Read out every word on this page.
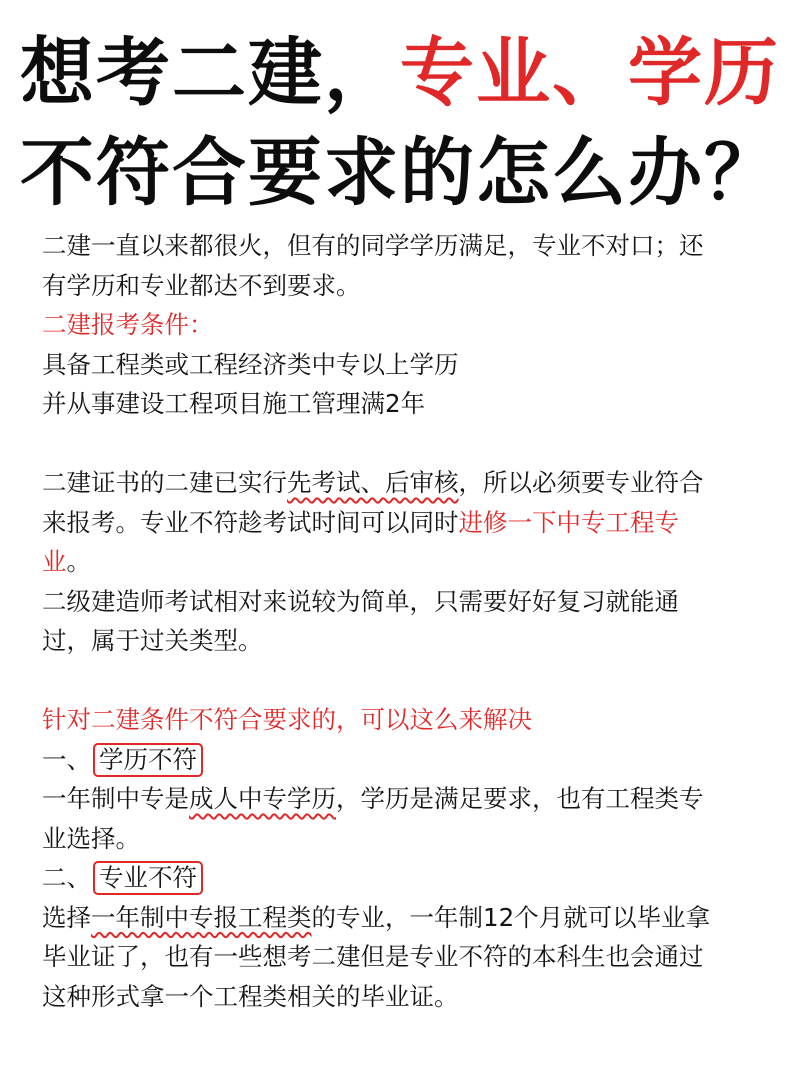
想考二建，专业、学历
不符合要求的怎么办？
二建一直以来都很火，但有的同学学历满足，专业不对口；还
有学历和专业都达不到要求。
二建报考条件：
具备工程类或工程经济类中专以上学历
并从事建设工程项目施工管理满2年
二建证书的二建已实行先考试、后审核，所以必须要专业符合
来报考。专业不符趁考试时间可以同时进修一下中专工程专
业。
二级建造师考试相对来说较为简单，只需要好好复习就能通
过，属于过关类型。
针对二建条件不符合要求的，可以这么来解决
一、 学历不符
一年制中专是成人中专学历，学历是满足要求，也有工程类专
业选择。
二、 专业不符
选择一年制中专报工程类的专业，一年制12个月就可以毕业拿
毕业证了，也有一些想考二建但是专业不符的本科生也会通过
这种形式拿一个工程类相关的毕业证。
